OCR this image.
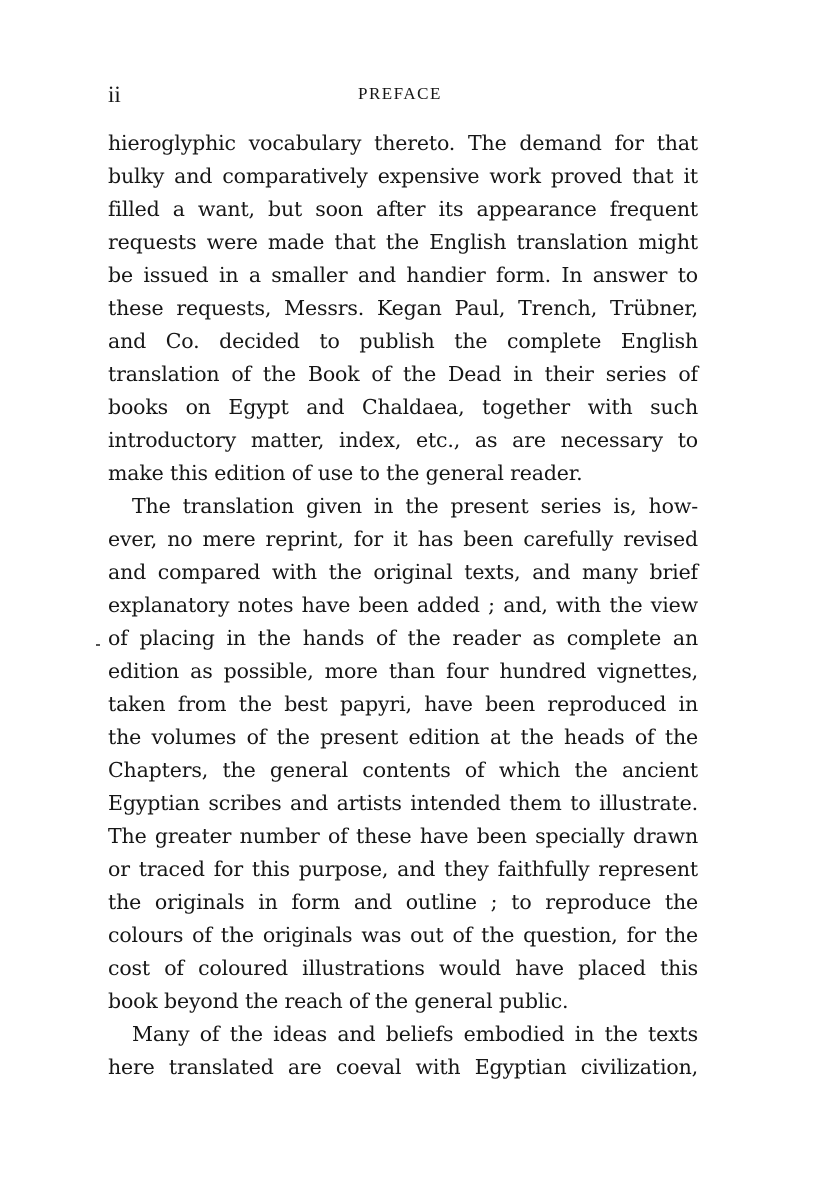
ii	PREFACE
hieroglyphic vocabulary thereto. The demand for that
bulky and comparatively expensive work proved that it
filled a want, but soon after its appearance frequent
requests were made that the English translation might
be issued in a smaller and handier form. In answer to
these requests, Messrs. Kegan Paul, Trench, Trübner,
and Co. decided to publish the complete English
translation of the Book of the Dead in their series of
books on Egypt and Chaldaea, together with such
introductory matter, index, etc., as are necessary to
make this edition of use to the general reader.
The translation given in the present series is, how-
ever, no mere reprint, for it has been carefully revised
and compared with the original texts, and many brief
explanatory notes have been added ; and, with the view
of placing in the hands of the reader as complete an
edition as possible, more than four hundred vignettes,
taken from the best papyri, have been reproduced in
the volumes of the present edition at the heads of the
Chapters, the general contents of which the ancient
Egyptian scribes and artists intended them to illustrate.
The greater number of these have been specially drawn
or traced for this purpose, and they faithfully represent
the originals in form and outline ; to reproduce the
colours of the originals was out of the question, for the
cost of coloured illustrations would have placed this
book beyond the reach of the general public.
Many of the ideas and beliefs embodied in the texts
here translated are coeval with Egyptian civilization,
